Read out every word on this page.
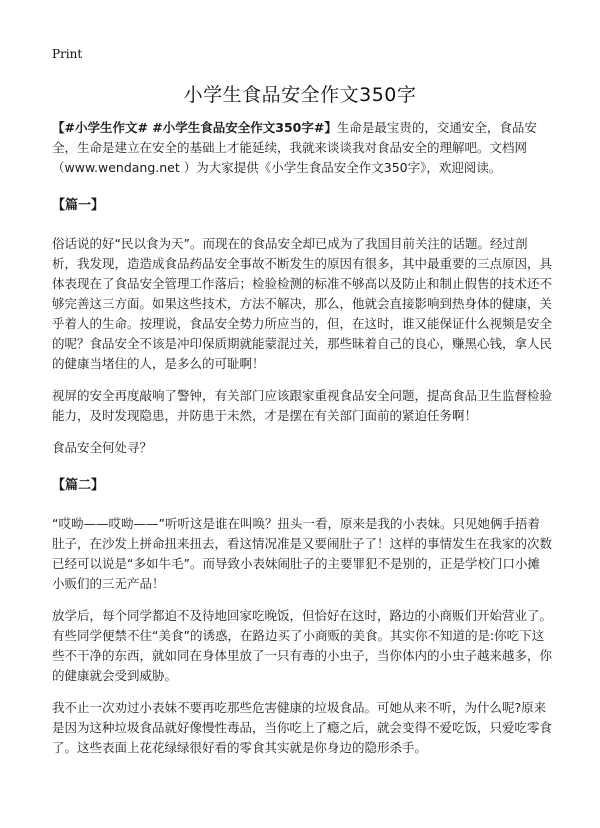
Print
小学生食品安全作文350字

【#小学生作文# #小学生食品安全作文350字#】生命是最宝贵的，交通安全，食品安全，生命是建立在安全的基础上才能延续，我就来谈谈我对食品安全的理解吧。文档网（www.wendang.net ）为大家提供《小学生食品安全作文350字》，欢迎阅读。

【篇一】

俗话说的好“民以食为天”。而现在的食品安全却已成为了我国目前关注的话题。经过剖析，我发现，造造成食品药品安全事故不断发生的原因有很多，其中最重要的三点原因，具体表现在了食品安全管理工作落后；检验检测的标准不够高以及防止和制止假售的技术还不够完善这三方面。如果这些技术，方法不解决，那么，他就会直接影响到热身体的健康，关乎着人的生命。按理说，食品安全势力所应当的，但，在这时，谁又能保证什么视频是安全的呢？食品安全不该是冲印保质期就能蒙混过关，那些昧着自己的良心，赚黑心钱，拿人民的健康当堵住的人，是多么的可耻啊！

视屏的安全再度敲响了警钟，有关部门应该跟家重视食品安全问题，提高食品卫生监督检验能力，及时发现隐患，并防患于未然，才是摆在有关部门面前的紧迫任务啊！

食品安全何处寻？

【篇二】

“哎呦——哎呦——”听听这是谁在叫唤？扭头一看，原来是我的小表妹。只见她俩手捂着肚子，在沙发上拼命扭来扭去，看这情况准是又要闹肚子了！这样的事情发生在我家的次数已经可以说是“多如牛毛”。而导致小表妹闹肚子的主要罪犯不是别的，正是学校门口小摊小贩们的三无产品！

放学后，每个同学都迫不及待地回家吃晚饭，但恰好在这时，路边的小商贩们开始营业了。有些同学便禁不住“美食”的诱惑，在路边买了小商贩的美食。其实你不知道的是:你吃下这些不干净的东西，就如同在身体里放了一只有毒的小虫子，当你体内的小虫子越来越多，你的健康就会受到威胁。

我不止一次劝过小表妹不要再吃那些危害健康的垃圾食品。可她从来不听，为什么呢?原来是因为这种垃圾食品就好像慢性毒品，当你吃上了瘾之后，就会变得不爱吃饭，只爱吃零食了。这些表面上花花绿绿很好看的零食其实就是你身边的隐形杀手。
